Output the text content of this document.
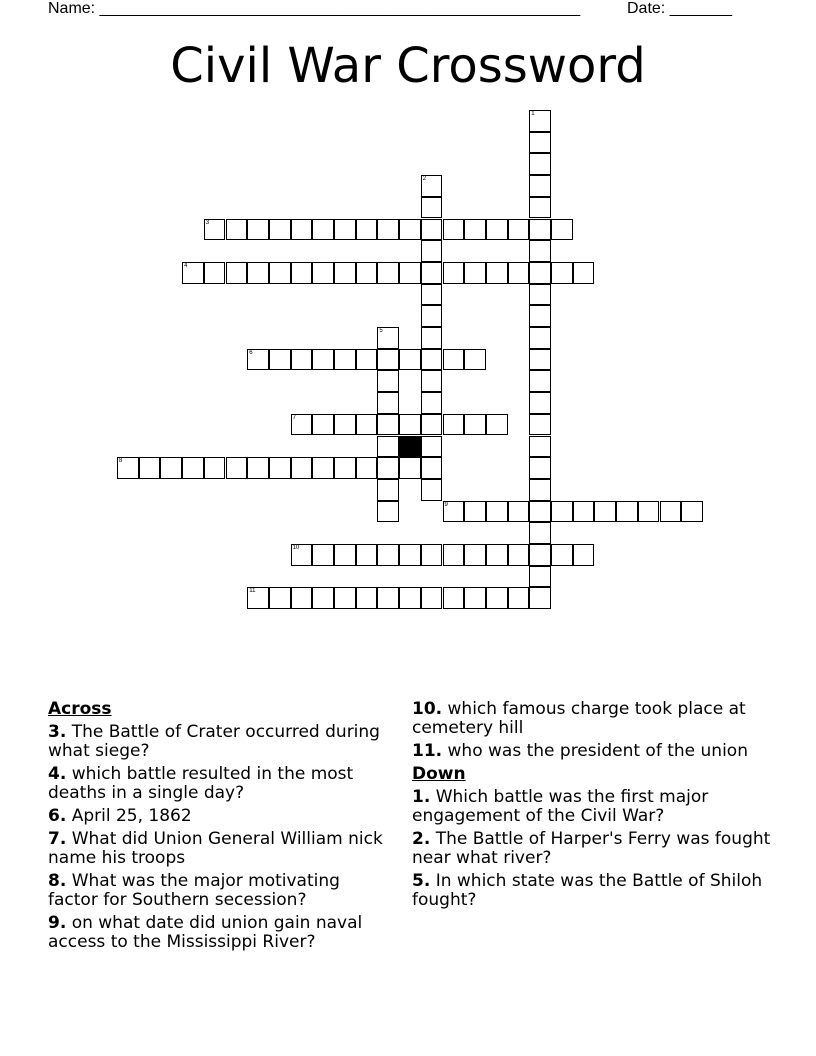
Name: ______________________________________________________	Date: _______
Civil War Crossword
1
2
3
4
5
6
7
8
9
10
11
Across
3. The Battle of Crater occurred during what siege?
4. which battle resulted in the most deaths in a single day?
6. April 25, 1862
7. What did Union General William nick name his troops
8. What was the major motivating factor for Southern secession?
9. on what date did union gain naval access to the Mississippi River?
10. which famous charge took place at cemetery hill
11. who was the president of the union
Down
1. Which battle was the first major engagement of the Civil War?
2. The Battle of Harper's Ferry was fought near what river?
5. In which state was the Battle of Shiloh fought?
